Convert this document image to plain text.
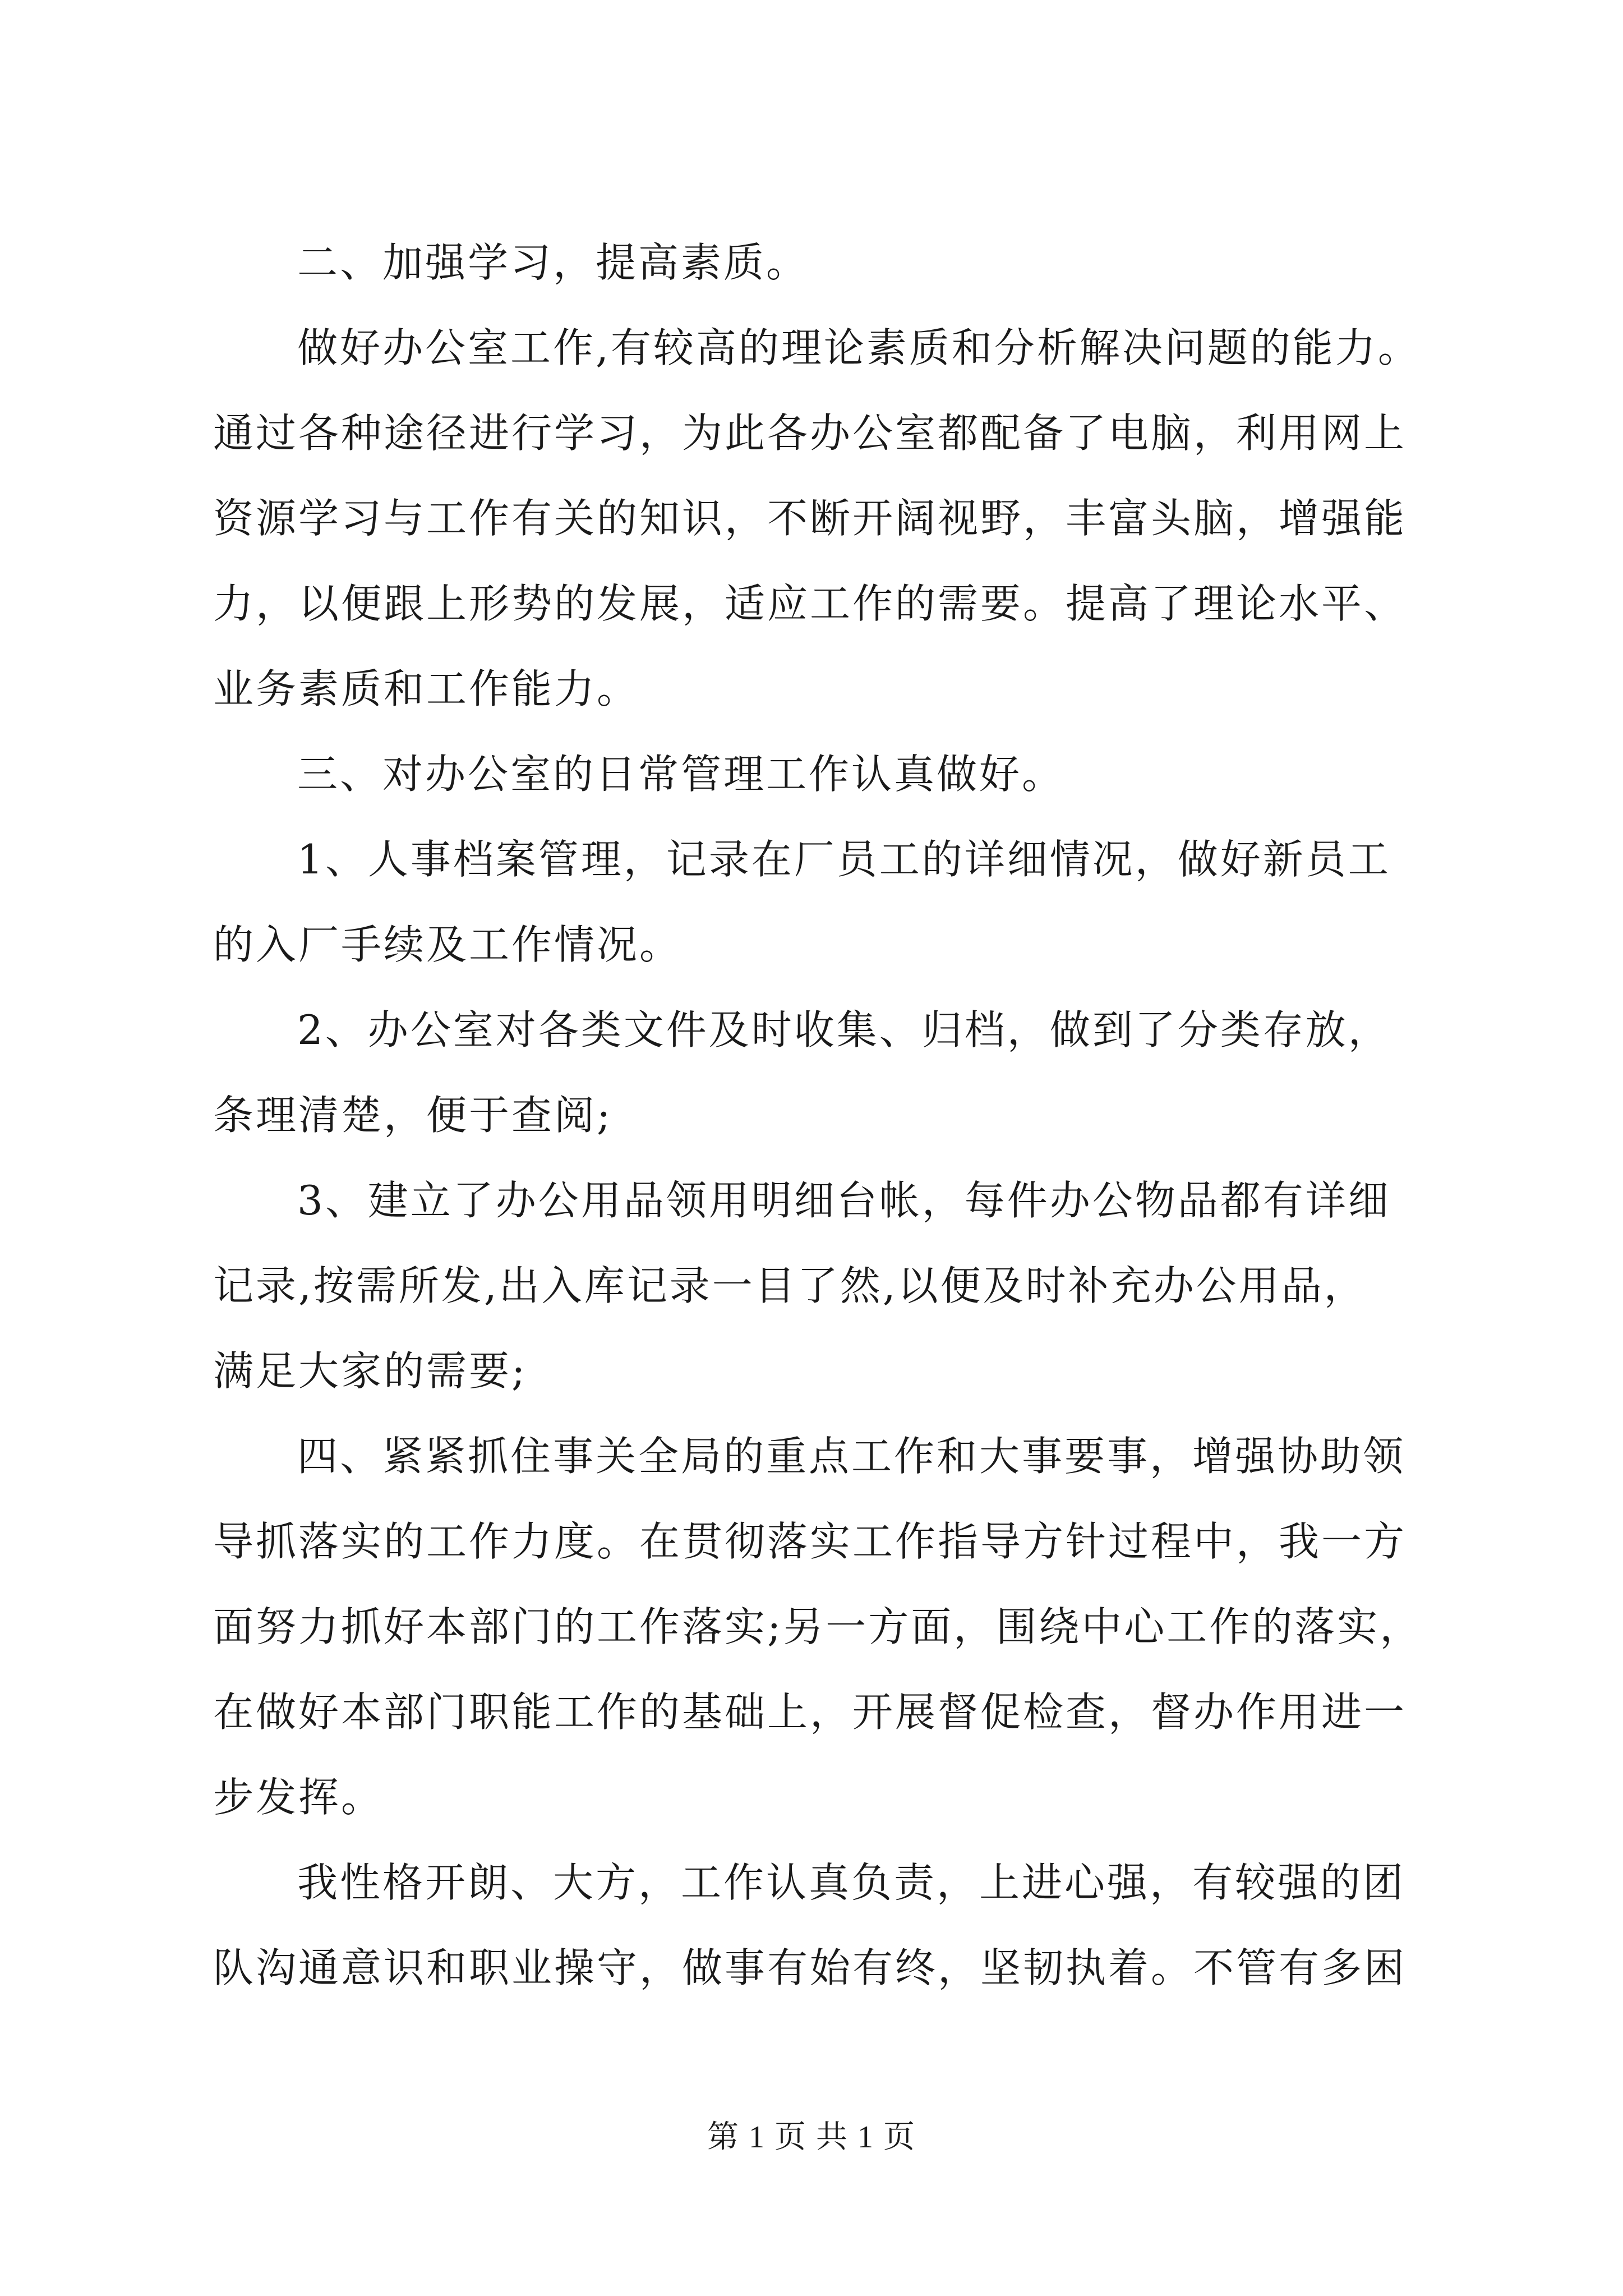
二、加强学习，提高素质。
做好办公室工作,有较高的理论素质和分析解决问题的能力。
通过各种途径进行学习，为此各办公室都配备了电脑，利用网上
资源学习与工作有关的知识，不断开阔视野，丰富头脑，增强能
力，以便跟上形势的发展，适应工作的需要。提高了理论水平、
业务素质和工作能力。
三、对办公室的日常管理工作认真做好。
1、人事档案管理，记录在厂员工的详细情况，做好新员工
的入厂手续及工作情况。
2、办公室对各类文件及时收集、归档，做到了分类存放，
条理清楚，便于查阅;
3、建立了办公用品领用明细台帐，每件办公物品都有详细
记录,按需所发,出入库记录一目了然,以便及时补充办公用品，
满足大家的需要;
四、紧紧抓住事关全局的重点工作和大事要事，增强协助领
导抓落实的工作力度。在贯彻落实工作指导方针过程中，我一方
面努力抓好本部门的工作落实;另一方面，围绕中心工作的落实，
在做好本部门职能工作的基础上，开展督促检查，督办作用进一
步发挥。
我性格开朗、大方，工作认真负责，上进心强，有较强的团
队沟通意识和职业操守，做事有始有终，坚韧执着。不管有多困
第 1 页 共 1 页
